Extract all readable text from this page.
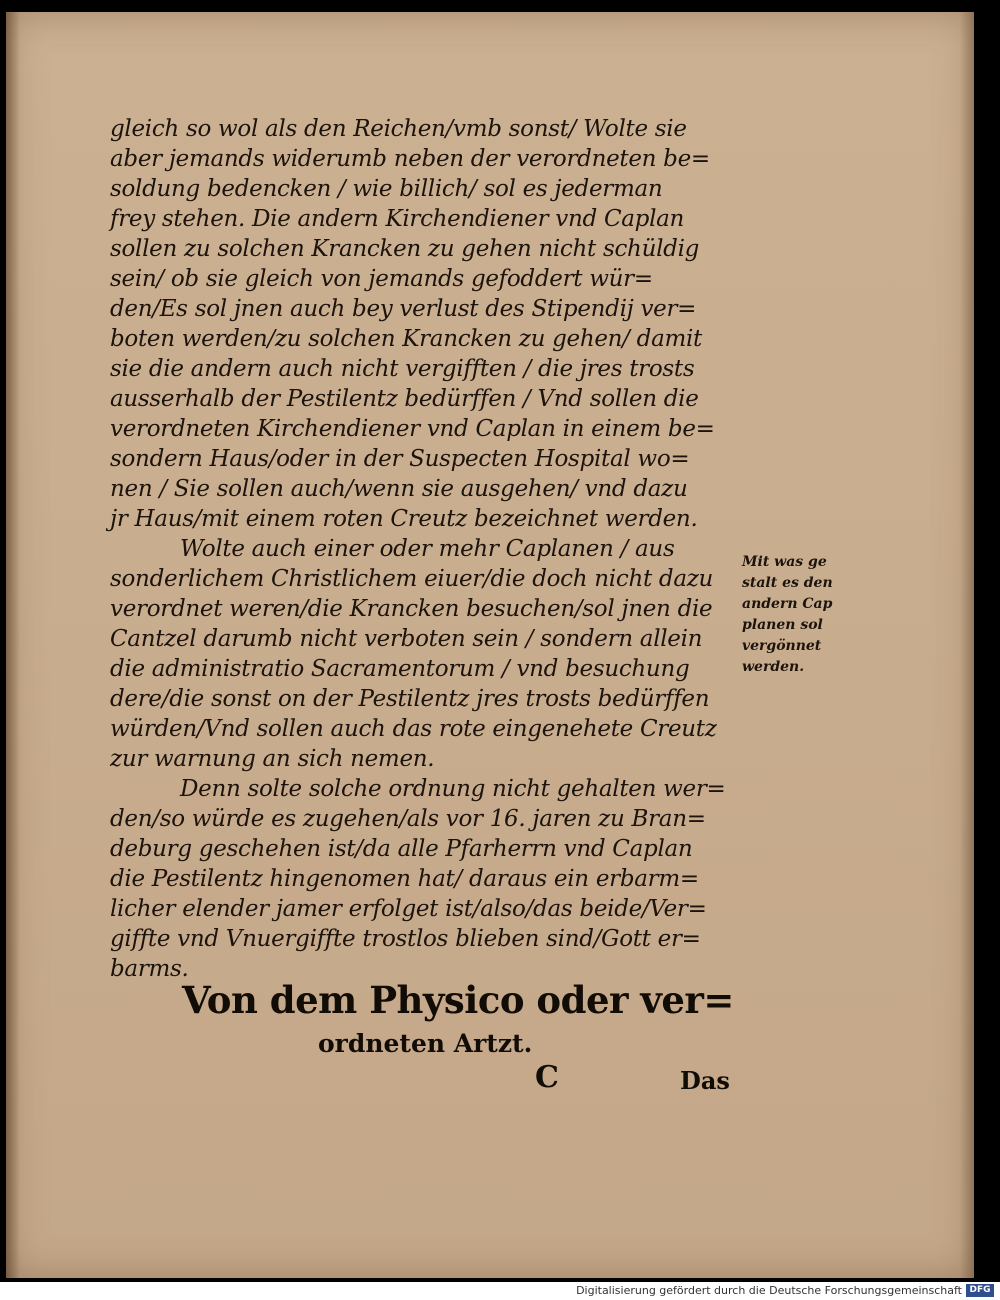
gleich so wol als den Reichen/vmb sonst/ Wolte sie
aber jemands widerumb neben der verordneten be=
soldung bedencken / wie billich/ sol es jederman
frey stehen. Die andern Kirchendiener vnd Caplan
sollen zu solchen Krancken zu gehen nicht schüldig
sein/ ob sie gleich von jemands gefoddert wür=
den/Es sol jnen auch bey verlust des Stipendij ver=
boten werden/zu solchen Krancken zu gehen/ damit
sie die andern auch nicht vergifften / die jres trosts
ausserhalb der Pestilentz bedürffen / Vnd sollen die
verordneten Kirchendiener vnd Caplan in einem be=
sondern Haus/oder in der Suspecten Hospital wo=
nen / Sie sollen auch/wenn sie ausgehen/ vnd dazu
jr Haus/mit einem roten Creutz bezeichnet werden.
Wolte auch einer oder mehr Caplanen / aus
sonderlichem Christlichem eiuer/die doch nicht dazu
verordnet weren/die Krancken besuchen/sol jnen die
Cantzel darumb nicht verboten sein / sondern allein
die administratio Sacramentorum / vnd besuchung
dere/die sonst on der Pestilentz jres trosts bedürffen
würden/Vnd sollen auch das rote eingenehete Creutz
zur warnung an sich nemen.
Denn solte solche ordnung nicht gehalten wer=
den/so würde es zugehen/als vor 16. jaren zu Bran=
deburg geschehen ist/da alle Pfarherrn vnd Caplan
die Pestilentz hingenomen hat/ daraus ein erbarm=
licher elender jamer erfolget ist/also/das beide/Ver=
giffte vnd Vnuergiffte trostlos blieben sind/Gott er=
barms.
Mit was ge
stalt es den
andern Cap
planen sol
vergönnet
werden.
Von dem Physico oder ver=
ordneten Artzt.
C	Das
Digitalisierung gefördert durch die Deutsche Forschungsgemeinschaft DFG
